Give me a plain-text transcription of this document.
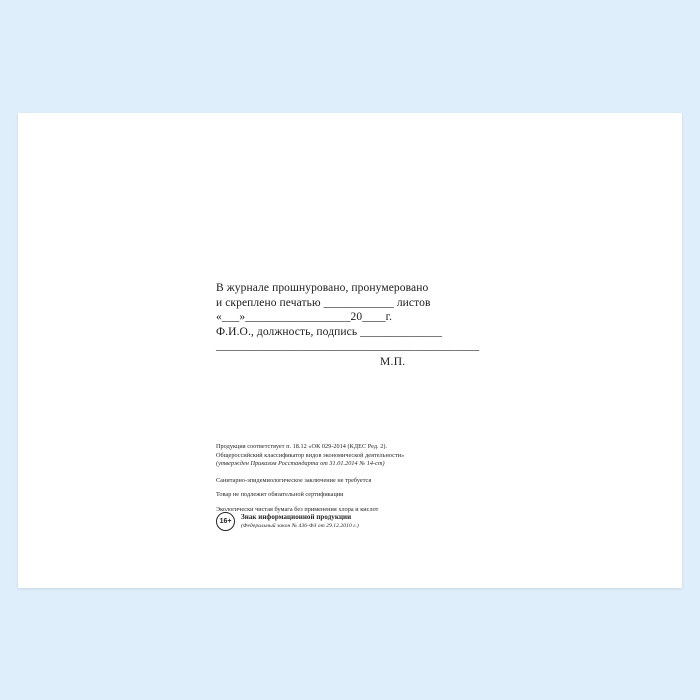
В журнале прошнуровано, пронумеровано
и скреплено печатью ____________ листов
«___»__________________20____г.
Ф.И.О., должность, подпись ______________
_____________________________________________
М.П.

Продукция соответствует п. 18.12 «ОК 029-2014 (КДЕС Ред. 2).

Общероссийский классификатор видов экономической деятельности»

(утвержден Приказом Росстандарта от 31.01.2014 № 14-ст)

Санитарно-эпидемиологическое заключение не требуется

Товар не подлежит обязательной сертификации

Экологически чистая бумага без применения хлора и кислот

16+
Знак информационной продукции
(Федеральный закон № 436-ФЗ от 29.12.2010 г.)
